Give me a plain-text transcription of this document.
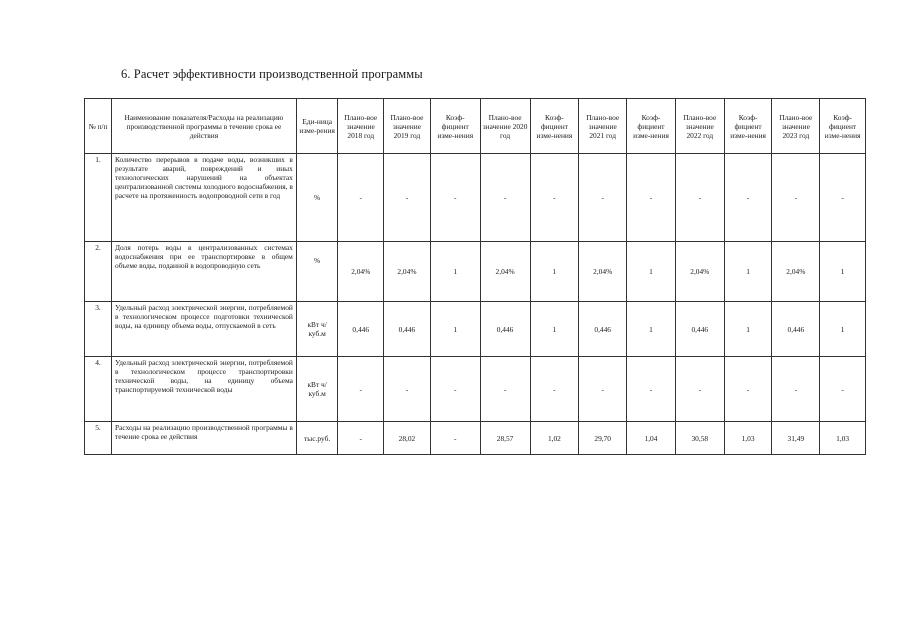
6. Расчет эффективности производственной программы
№ п/п	Наименование показателя/Расходы на реализацию производственной программы в течение срока ее действия	Еди-ница изме-рения	Плано-вое значение 2018 год	Плано-вое значение 2019 год	Коэф-фициент изме-нения	Плано-вое значение 2020 год	Коэф-фициент изме-нения	Плано-вое значение 2021 год	Коэф-фициент изме-нения	Плано-вое значение 2022 год	Коэф-фициент изме-нения	Плано-вое значение 2023 год	Коэф-фициент изме-нения
1.	Количество перерывов в подаче воды, возникших в результате аварий, повреждений и иных технологических нарушений на объектах централизованной системы холодного водоснабжения, в расчете на протяженность водопроводной сети в год	%	-	-	-	-	-	-	-	-	-	-	-
2.	Доля потерь воды в централизованных системах водоснабжения при ее транспортировке в общем объеме воды, поданной в водопроводную сеть	%	2,04%	2,04%	1	2,04%	1	2,04%	1	2,04%	1	2,04%	1
3.	Удельный расход электрической энергии, потребляемой в технологическом процессе подготовки технической воды, на единицу объема воды, отпускаемой в сеть	кВт ч/куб.м	0,446	0,446	1	0,446	1	0,446	1	0,446	1	0,446	1
4.	Удельный расход электрической энергии, потребляемой в технологическом процессе транспортировки технической воды, на единицу объема транспортируемой технической воды	кВт ч/куб.м	-	-	-	-	-	-	-	-	-	-	-
5.	Расходы на реализацию производственной программы в течение срока ее действия	тыс.руб.	-	28,02	-	28,57	1,02	29,70	1,04	30,58	1,03	31,49	1,03
